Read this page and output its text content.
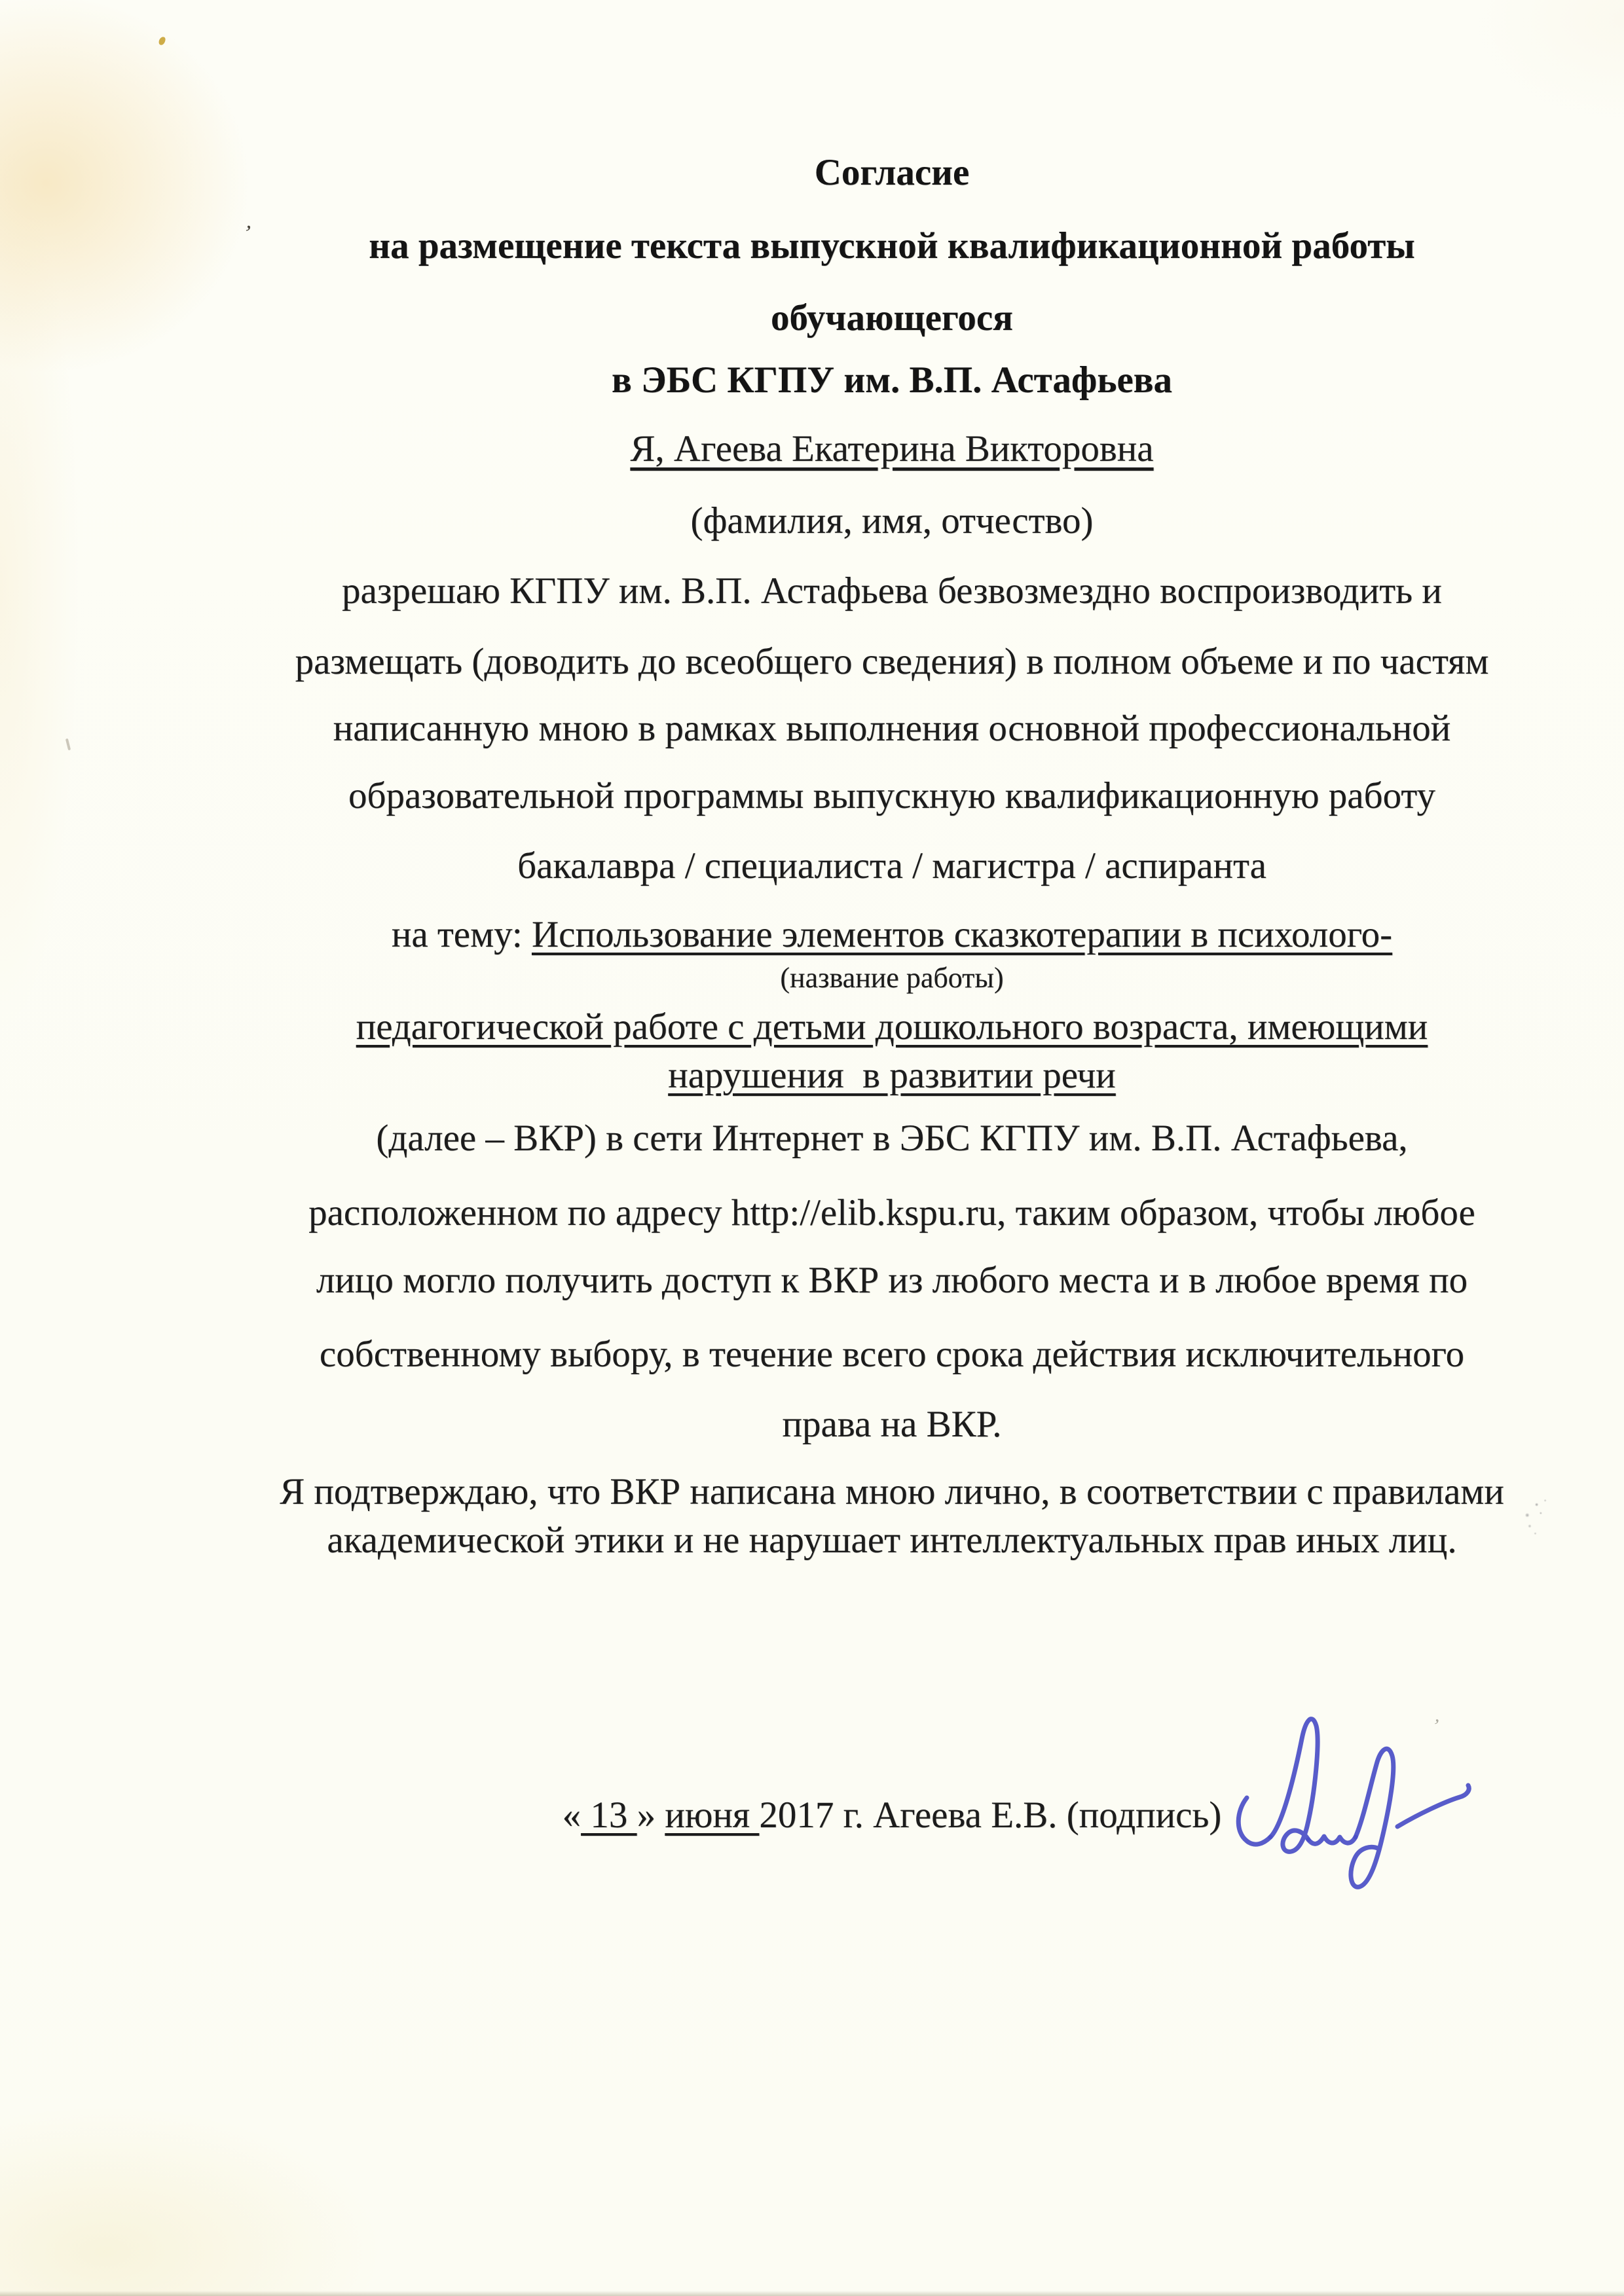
’
’
Согласие
на размещение текста выпускной квалификационной работы
обучающегося
в ЭБС КГПУ им. В.П. Астафьева
Я, Агеева Екатерина Викторовна
(фамилия, имя, отчество)
разрешаю КГПУ им. В.П. Астафьева безвозмездно воспроизводить и
размещать (доводить до всеобщего сведения) в полном объеме и по частям
написанную мною в рамках выполнения основной профессиональной
образовательной программы выпускную квалификационную работу
бакалавра / специалиста / магистра / аспиранта
на тему: Использование элементов сказкотерапии в психолого-
(название работы)
педагогической работе с детьми дошкольного возраста, имеющими
нарушения  в развитии речи
(далее – ВКР) в сети Интернет в ЭБС КГПУ им. В.П. Астафьева,
расположенном по адресу http://elib.kspu.ru, таким образом, чтобы любое
лицо могло получить доступ к ВКР из любого места и в любое время по
собственному выбору, в течение всего срока действия исключительного
права на ВКР.
Я подтверждаю, что ВКР написана мною лично, в соответствии с правилами
академической этики и не нарушает интеллектуальных прав иных лиц.
« 13 » июня 2017 г. Агеева Е.В. (подпись)
